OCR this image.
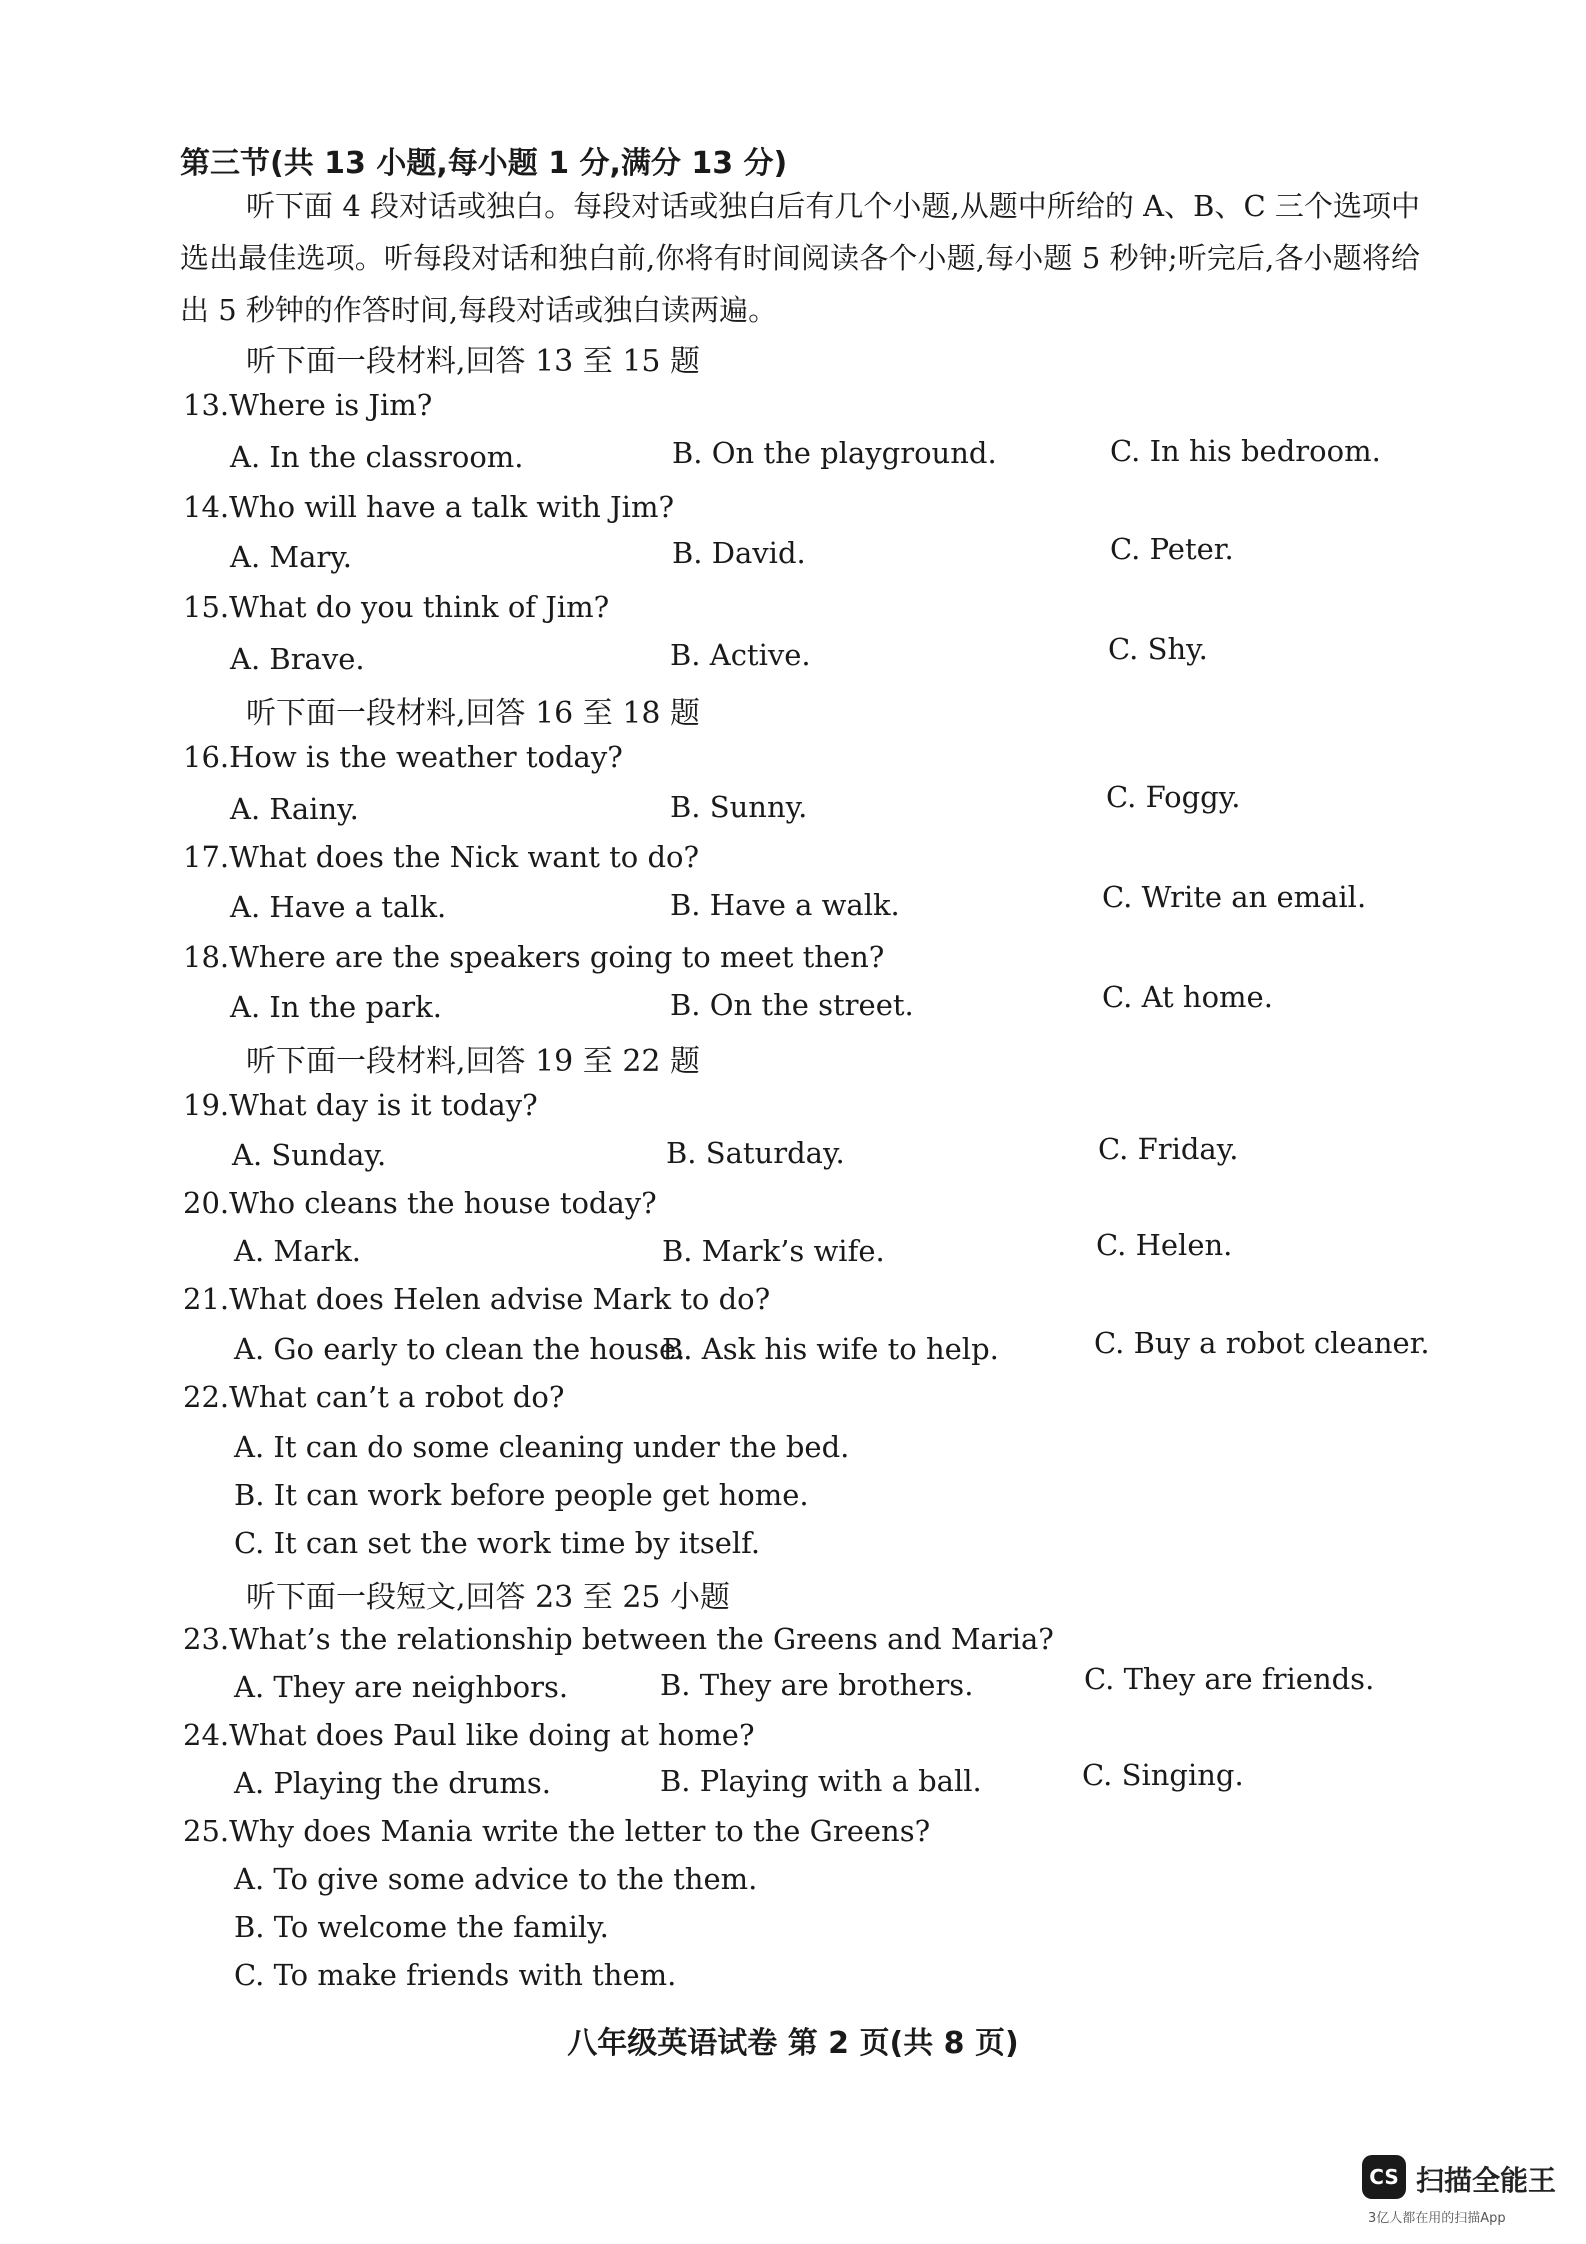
第三节(共 13 小题,每小题 1 分,满分 13 分)
听下面 4 段对话或独白。每段对话或独白后有几个小题,从题中所给的 A、B、C 三个选项中选出最佳选项。听每段对话和独白前,你将有时间阅读各个小题,每小题 5 秒钟;听完后,各小题将给出 5 秒钟的作答时间,每段对话或独白读两遍。
听下面一段材料,回答 13 至 15 题
13.Where is Jim?
A. In the classroom.	B. On the playground.	C. In his bedroom.
14.Who will have a talk with Jim?
A. Mary.	B. David.	C. Peter.
15.What do you think of Jim?
A. Brave.	B. Active.	C. Shy.
听下面一段材料,回答 16 至 18 题
16.How is the weather today?
A. Rainy.	B. Sunny.	C. Foggy.
17.What does the Nick want to do?
A. Have a talk.	B. Have a walk.	C. Write an email.
18.Where are the speakers going to meet then?
A. In the park.	B. On the street.	C. At home.
听下面一段材料,回答 19 至 22 题
19.What day is it today?
A. Sunday.	B. Saturday.	C. Friday.
20.Who cleans the house today?
A. Mark.	B. Mark’s wife.	C. Helen.
21.What does Helen advise Mark to do?
A. Go early to clean the house.
B. Ask his wife to help.	C. Buy a robot cleaner.
22.What can’t a robot do?
A. It can do some cleaning under the bed.
B. It can work before people get home.
C. It can set the work time by itself.
听下面一段短文,回答 23 至 25 小题
23.What’s the relationship between the Greens and Maria?
A. They are neighbors.	B. They are brothers.	C. They are friends.
24.What does Paul like doing at home?
A. Playing the drums.	B. Playing with a ball.	C. Singing.
25.Why does Mania write the letter to the Greens?
A. To give some advice to the them.
B. To welcome the family.
C. To make friends with them.
八年级英语试卷 第 2 页(共 8 页)
CS 扫描全能王
3亿人都在用的扫描App
